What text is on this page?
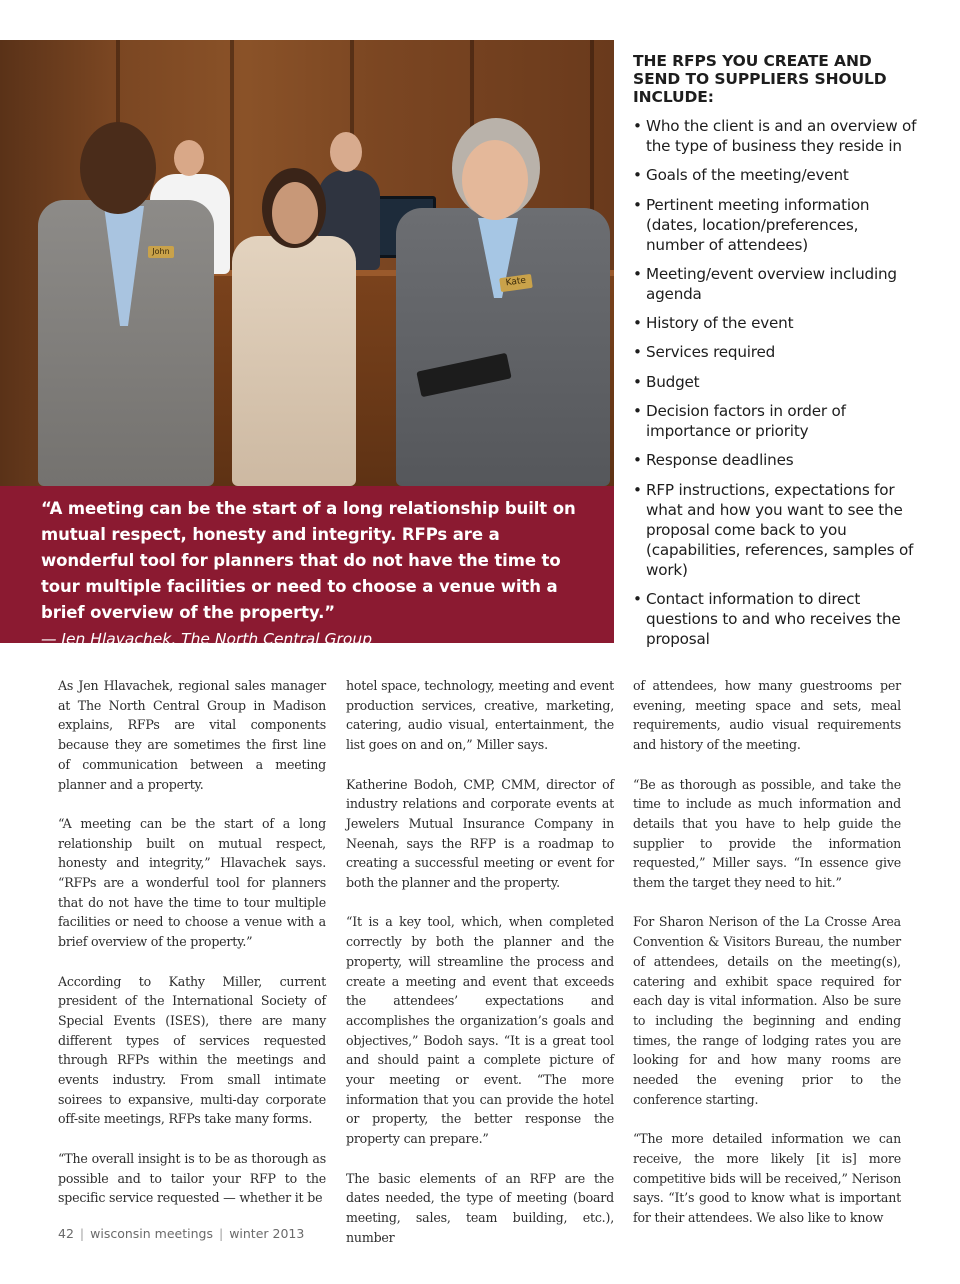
John
Kate

“A meeting can be the start of a long relationship built on mutual respect, honesty and integrity. RFPs are a wonderful tool for planners that do not have the time to tour multiple facilities or need to choose a venue with a brief overview of the property.”

— Jen Hlavachek, The North Central Group

THE RFPS YOU CREATE AND SEND TO SUPPLIERS SHOULD INCLUDE:
• Who the client is and an overview of the type of business they reside in
• Goals of the meeting/event
• Pertinent meeting information (dates, location/preferences, number of attendees)
• Meeting/event overview including agenda
• History of the event
• Services required
• Budget
• Decision factors in order of importance or priority
• Response deadlines
• RFP instructions, expectations for what and how you want to see the proposal come back to you (capabilities, references, samples of work)
• Contact information to direct questions to and who receives the proposal

As Jen Hlavachek, regional sales manager at The North Central Group in Madison explains, RFPs are vital components because they are sometimes the first line of communication between a meeting planner and a property.

“A meeting can be the start of a long relationship built on mutual respect, honesty and integrity,” Hlavachek says. “RFPs are a wonderful tool for planners that do not have the time to tour multiple facilities or need to choose a venue with a brief overview of the property.”

According to Kathy Miller, current president of the International Society of Special Events (ISES), there are many different types of services requested through RFPs within the meetings and events industry. From small intimate soirees to expansive, multi-day corporate off-site meetings, RFPs take many forms.

“The overall insight is to be as thorough as possible and to tailor your RFP to the specific service requested — whether it be

hotel space, technology, meeting and event production services, creative, marketing, catering, audio visual, entertainment, the list goes on and on,” Miller says.

Katherine Bodoh, CMP, CMM, director of industry relations and corporate events at Jewelers Mutual Insurance Company in Neenah, says the RFP is a roadmap to creating a successful meeting or event for both the planner and the property.

“It is a key tool, which, when completed correctly by both the planner and the property, will streamline the process and create a meeting and event that exceeds the attendees’ expectations and accomplishes the organization’s goals and objectives,” Bodoh says. “It is a great tool and should paint a complete picture of your meeting or event. “The more information that you can provide the hotel or property, the better response the property can prepare.”

The basic elements of an RFP are the dates needed, the type of meeting (board meeting, sales, team building, etc.), number

of attendees, how many guestrooms per evening, meeting space and sets, meal requirements, audio visual requirements and history of the meeting.

“Be as thorough as possible, and take the time to include as much information and details that you have to help guide the supplier to provide the information requested,” Miller says. “In essence give them the target they need to hit.”

For Sharon Nerison of the La Crosse Area Convention & Visitors Bureau, the number of attendees, details on the meeting(s), catering and exhibit space required for each day is vital information. Also be sure to including the beginning and ending times, the range of lodging rates you are looking for and how many rooms are needed the evening prior to the conference starting.

“The more detailed information we can receive, the more likely [it is] more competitive bids will be received,” Nerison says. “It’s good to know what is important for their attendees. We also like to know

42 | wisconsin meetings | winter 2013
